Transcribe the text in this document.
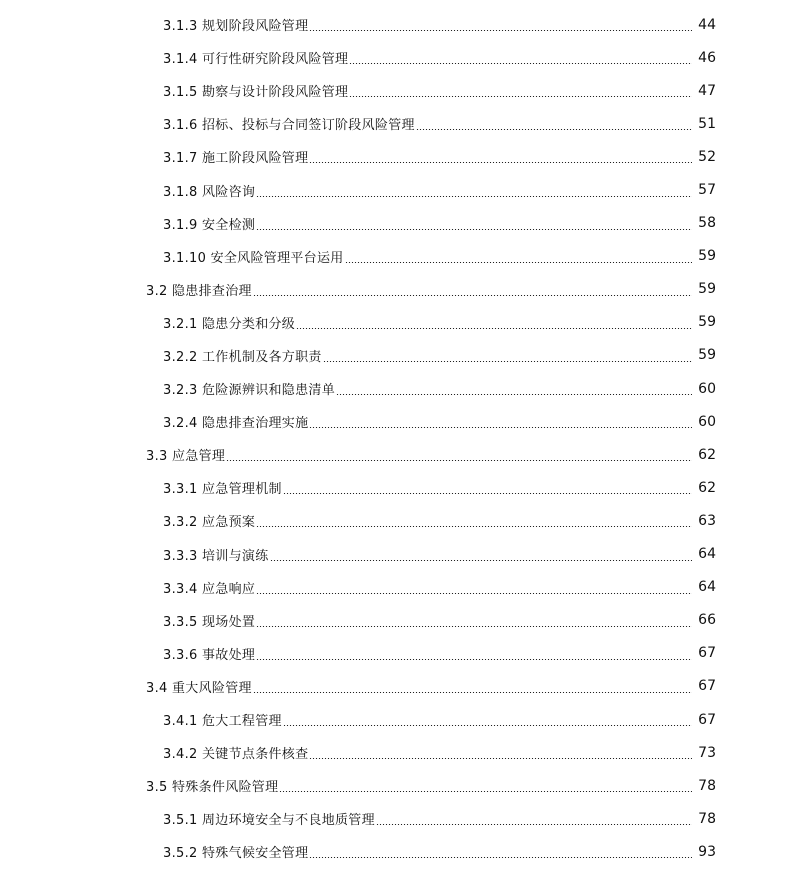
3.1.3 规划阶段风险管理	44
3.1.4 可行性研究阶段风险管理	46
3.1.5 勘察与设计阶段风险管理	47
3.1.6 招标、投标与合同签订阶段风险管理	51
3.1.7 施工阶段风险管理	52
3.1.8 风险咨询	57
3.1.9 安全检测	58
3.1.10 安全风险管理平台运用	59
3.2 隐患排查治理	59
3.2.1 隐患分类和分级	59
3.2.2 工作机制及各方职责	59
3.2.3 危险源辨识和隐患清单	60
3.2.4 隐患排查治理实施	60
3.3 应急管理	62
3.3.1 应急管理机制	62
3.3.2 应急预案	63
3.3.3 培训与演练	64
3.3.4 应急响应	64
3.3.5 现场处置	66
3.3.6 事故处理	67
3.4 重大风险管理	67
3.4.1 危大工程管理	67
3.4.2 关键节点条件核查	73
3.5 特殊条件风险管理	78
3.5.1 周边环境安全与不良地质管理	78
3.5.2 特殊气候安全管理	93
